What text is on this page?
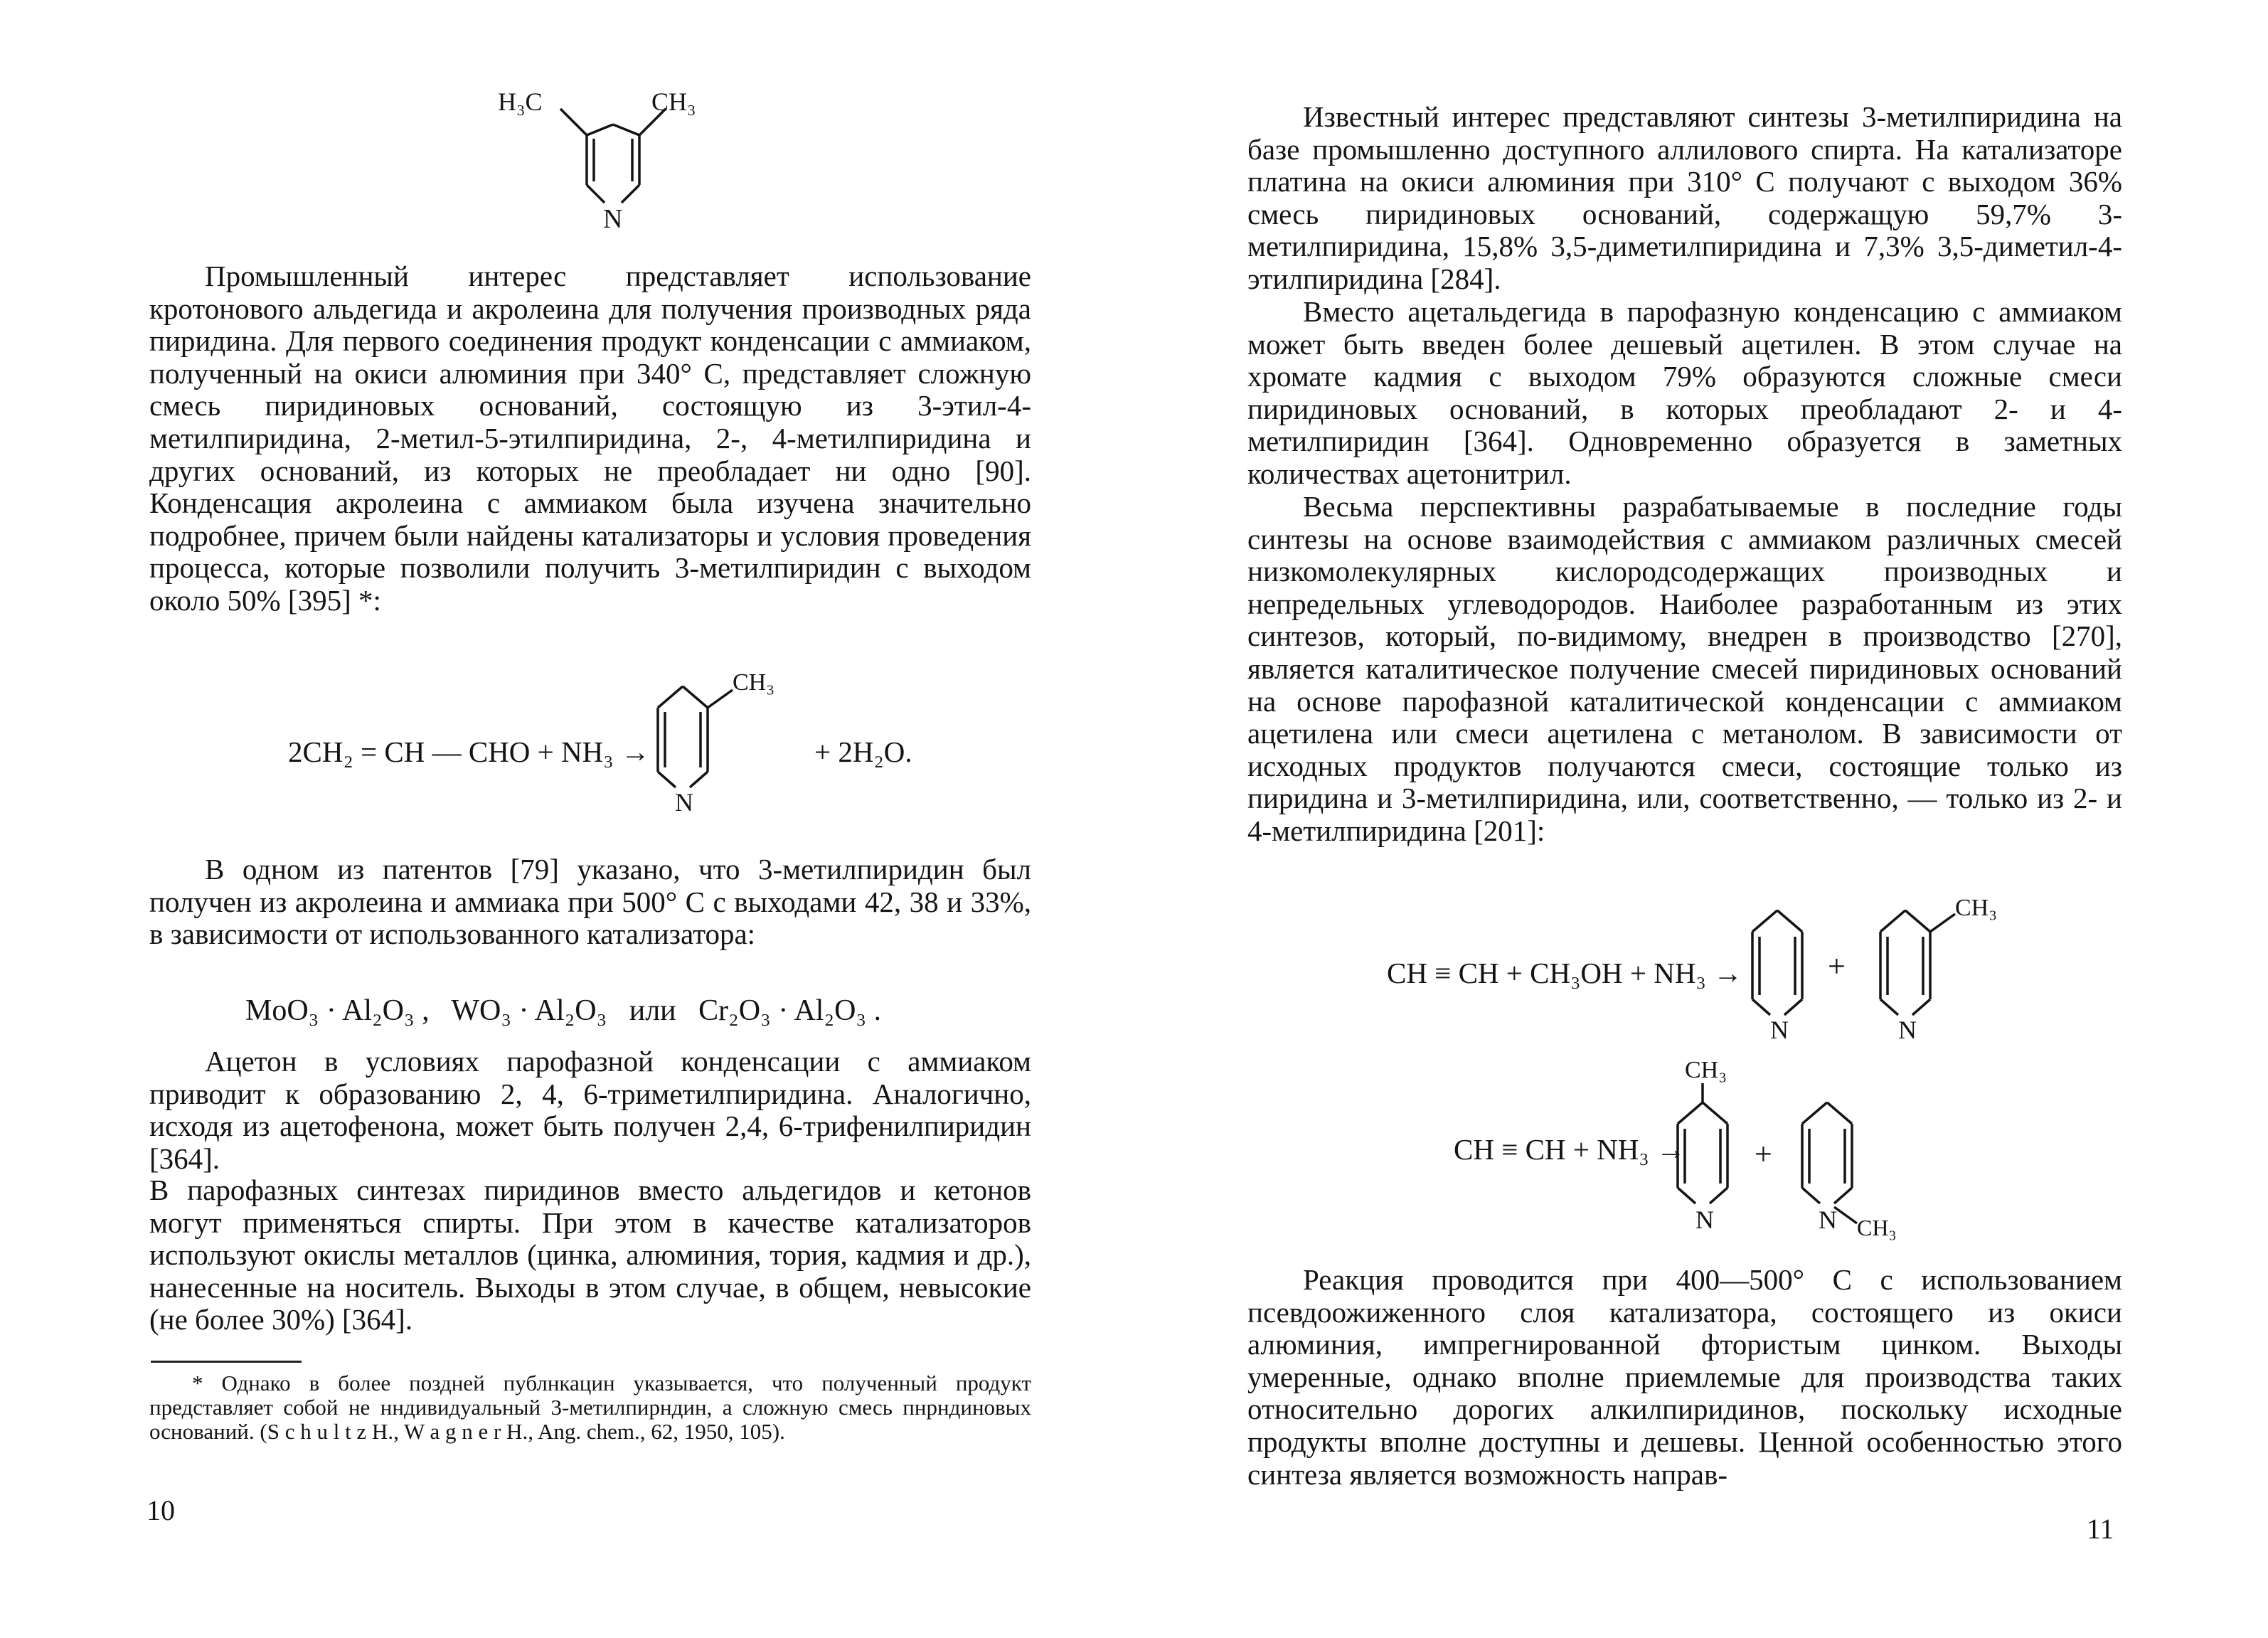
H₃C	CH₃
N

Промышленный интерес представляет использование кротонового альдегида и акролеина для получения производных ряда пиридина. Для первого соединения продукт конденсации с аммиаком, полученный на окиси алюминия при 340° С, представляет сложную смесь пиридиновых оснований, состоящую из 3-этил-4-метилпиридина, 2-метил-5-этилпиридина, 2-, 4-метилпиридина и других оснований, из которых не преобладает ни одно [90]. Конденсация акролеина с аммиаком была изучена значительно подробнее, причем были найдены катализаторы и условия проведения процесса, которые позволили получить 3-метилпиридин с выходом около 50% [395] *:

2CH₂ = CH — CHO + NH₃ →
CH₃
N
+ 2H₂O.

В одном из патентов [79] указано, что 3-метилпиридин был получен из акролеина и аммиака при 500° С с выходами 42, 38 и 33%, в зависимости от использованного катализатора:

MoO₃ · Al₂O₃ ,   WO₃ · Al₂O₃   или   Cr₂O₃ · Al₂O₃ .

Ацетон в условиях парофазной конденсации с аммиаком приводит к образованию 2, 4, 6-триметилпиридина. Аналогично, исходя из ацетофенона, может быть получен 2,4, 6-трифенилпиридин [364].

В парофазных синтезах пиридинов вместо альдегидов и кетонов могут применяться спирты. При этом в качестве катализаторов используют окислы металлов (цинка, алюминия, тория, кадмия и др.), нанесенные на носитель. Выходы в этом случае, в общем, невысокие (не более 30%) [364].

* Однако в более поздней публнкацин указывается, что полученный продукт представляет собой не нндивидуальный 3-метилпирндин, а сложную смесь пнрндиновых оснований. (S c h u l t z H., W a g n e r H., Ang. chem., 62, 1950, 105).

10

Известный интерес представляют синтезы 3-метилпиридина на базе промышленно доступного аллилового спирта. На катализаторе платина на окиси алюминия при 310° С получают с выходом 36% смесь пиридиновых оснований, содержащую 59,7% 3-метилпиридина, 15,8% 3,5-диметилпиридина и 7,3% 3,5-диметил-4-этилпиридина [284].

Вместо ацетальдегида в парофазную конденсацию с аммиаком может быть введен более дешевый ацетилен. В этом случае на хромате кадмия с выходом 79% образуются сложные смеси пиридиновых оснований, в которых преобладают 2- и 4-метилпиридин [364]. Одновременно образуется в заметных количествах ацетонитрил.

Весьма перспективны разрабатываемые в последние годы синтезы на основе взаимодействия с аммиаком различных смесей низкомолекулярных кислородсодержащих производных и непредельных углеводородов. Наиболее разработанным из этих синтезов, который, по-видимому, внедрен в производство [270], является каталитическое получение смесей пиридиновых оснований на основе парофазной каталитической конденсации с аммиаком ацетилена или смеси ацетилена с метанолом. В зависимости от исходных продуктов получаются смеси, состоящие только из пиридина и 3-метилпиридина, или, соответственно, — только из 2- и 4-метилпиридина [201]:

CH ≡ CH + CH₃OH + NH₃ →
N
+
N
CH₃
CH ≡ CH + NH₃ →
CH₃
N
+
N CH₃

Реакция проводится при 400—500° С с использованием псевдоожиженного слоя катализатора, состоящего из окиси алюминия, импрегнированной фтористым цинком. Выходы умеренные, однако вполне приемлемые для производства таких относительно дорогих алкилпиридинов, поскольку исходные продукты вполне доступны и дешевы. Ценной особенностью этого синтеза является возможность направ-

11
